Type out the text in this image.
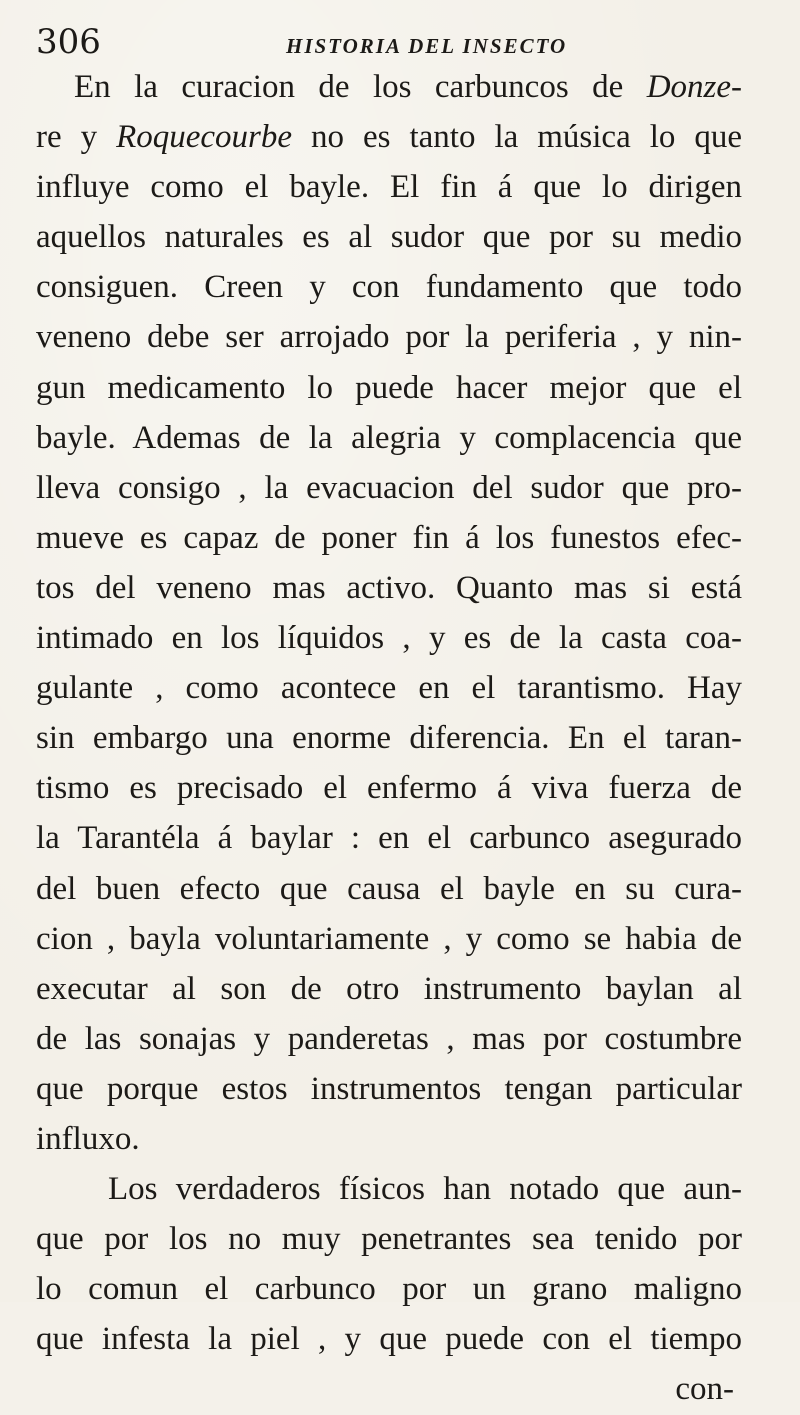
306	HISTORIA DEL INSECTO
En la curacion de los carbuncos de Donze-
re y Roquecourbe no es tanto la música lo que
influye como el bayle. El fin á que lo dirigen
aquellos naturales es al sudor que por su medio
consiguen. Creen y con fundamento que todo
veneno debe ser arrojado por la periferia , y nin-
gun medicamento lo puede hacer mejor que el
bayle. Ademas de la alegria y complacencia que
lleva consigo , la evacuacion del sudor que pro-
mueve es capaz de poner fin á los funestos efec-
tos del veneno mas activo. Quanto mas si está
intimado en los líquidos , y es de la casta coa-
gulante , como acontece en el tarantismo. Hay
sin embargo una enorme diferencia. En el taran-
tismo es precisado el enfermo á viva fuerza de
la Tarantéla á baylar : en el carbunco asegurado
del buen efecto que causa el bayle en su cura-
cion , bayla voluntariamente , y como se habia de
executar al son de otro instrumento baylan al
de las sonajas y panderetas , mas por costumbre
que porque estos instrumentos tengan particular
influxo.
Los verdaderos físicos han notado que aun-
que por los no muy penetrantes sea tenido por
lo comun el carbunco por un grano maligno
que infesta la piel , y que puede con el tiempo
con-
